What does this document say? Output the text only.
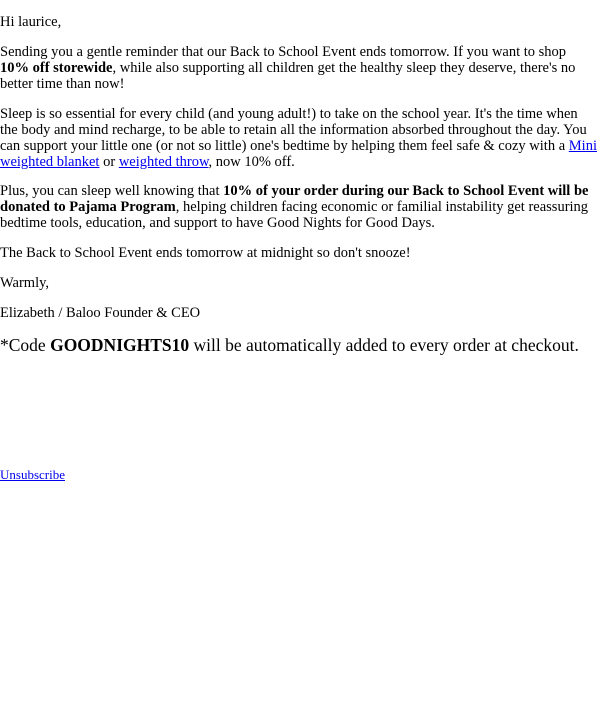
Hi laurice,

Sending you a gentle reminder that our Back to School Event ends tomorrow. If you want to shop 10% off storewide, while also supporting all children get the healthy sleep they deserve, there's no better time than now!

Sleep is so essential for every child (and young adult!) to take on the school year. It's the time when the body and mind recharge, to be able to retain all the information absorbed throughout the day. You can support your little one (or not so little) one's bedtime by helping them feel safe & cozy with a Mini weighted blanket or weighted throw, now 10% off.

Plus, you can sleep well knowing that 10% of your order during our Back to School Event will be donated to Pajama Program, helping children facing economic or familial instability get reassuring bedtime tools, education, and support to have Good Nights for Good Days.

The Back to School Event ends tomorrow at midnight so don't snooze!

Warmly,

Elizabeth / Baloo Founder & CEO

*Code GOODNIGHTS10 will be automatically added to every order at checkout.

Unsubscribe
